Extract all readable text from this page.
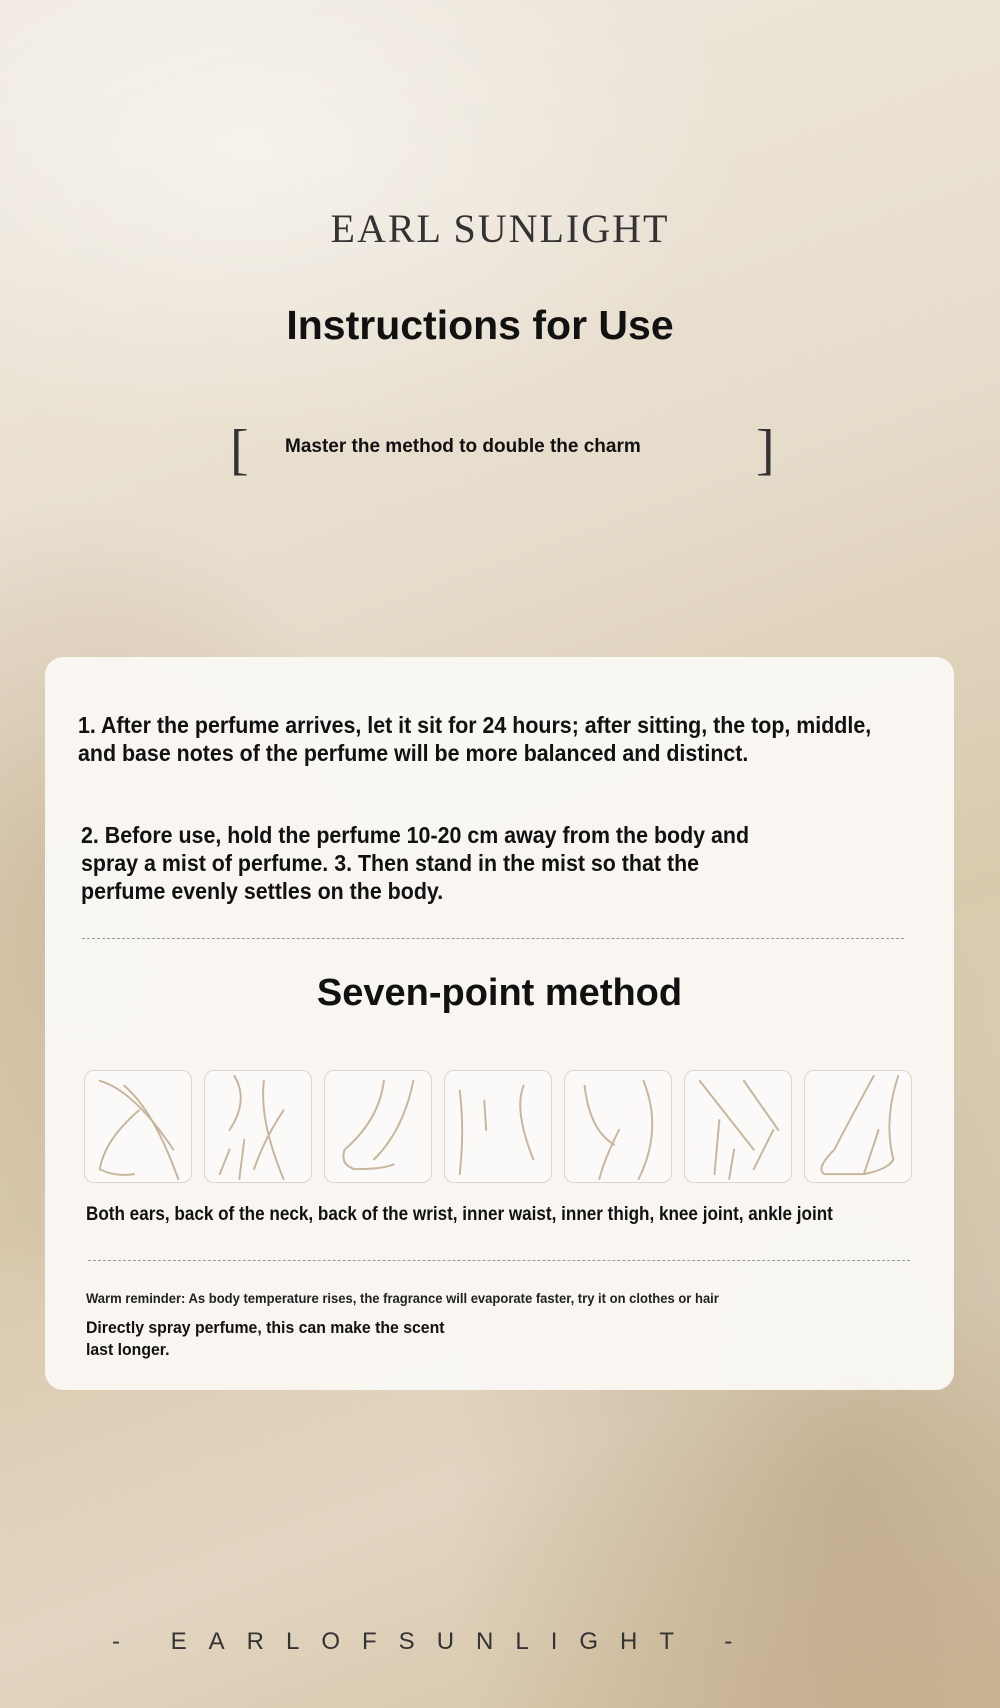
EARL SUNLIGHT
Instructions for Use
[ Master the method to double the charm ]
1. After the perfume arrives, let it sit for 24 hours; after sitting, the top, middle, and base notes of the perfume will be more balanced and distinct.
2. Before use, hold the perfume 10-20 cm away from the body and spray a mist of perfume. 3. Then stand in the mist so that the perfume evenly settles on the body.
Seven-point method
Both ears, back of the neck, back of the wrist, inner waist, inner thigh, knee joint, ankle joint
Warm reminder: As body temperature rises, the fragrance will evaporate faster, try it on clothes or hair
Directly spray perfume, this can make the scent
last longer.
- EARLOFSUNLIGHT -
